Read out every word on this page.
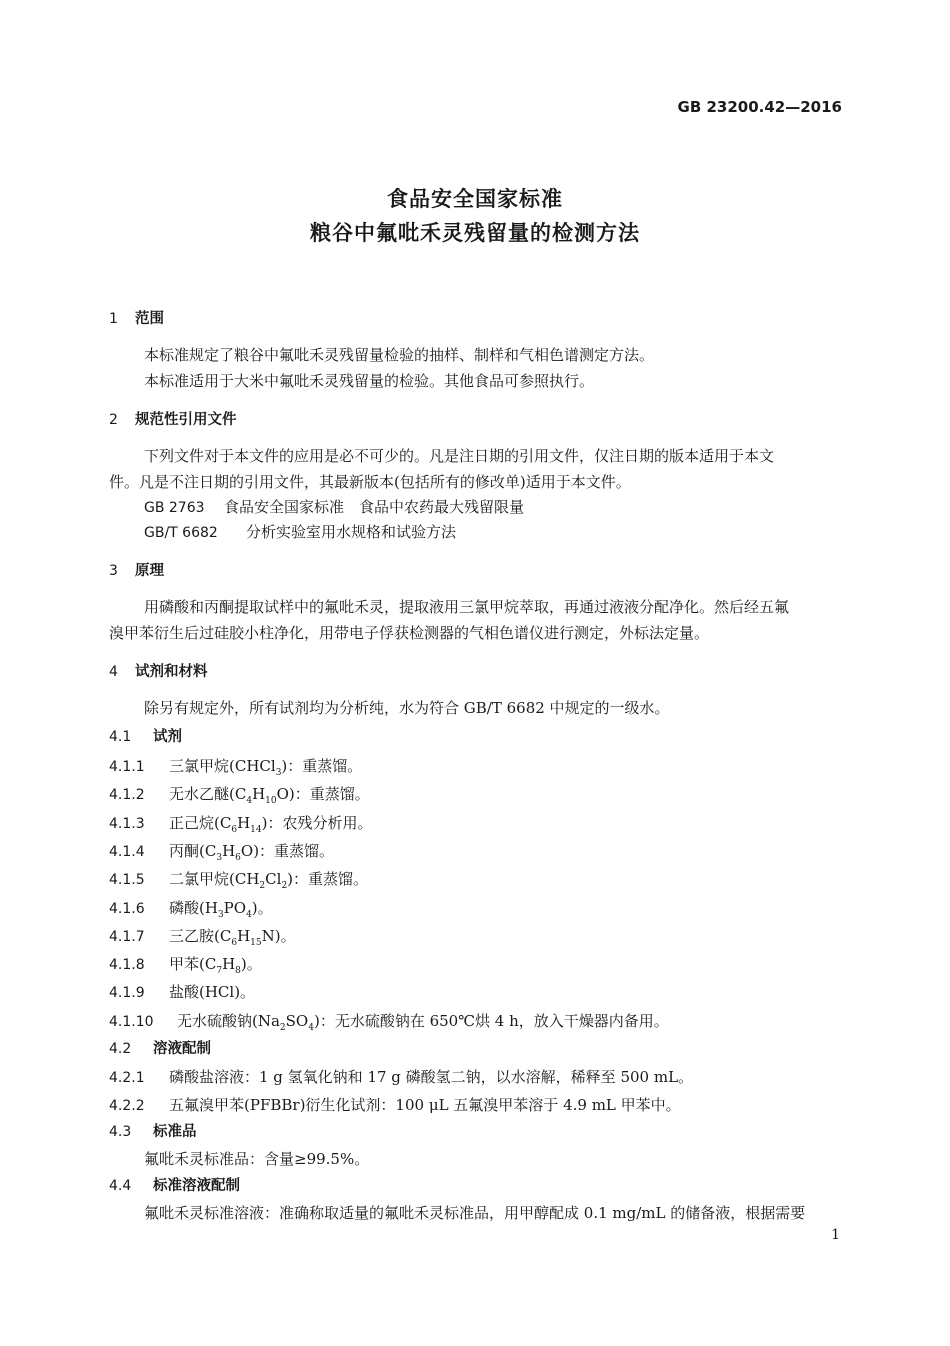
GB 23200.42—2016
食品安全国家标准
粮谷中氟吡禾灵残留量的检测方法
1 范围
本标准规定了粮谷中氟吡禾灵残留量检验的抽样、制样和气相色谱测定方法。
本标准适用于大米中氟吡禾灵残留量的检验。其他食品可参照执行。
2 规范性引用文件
下列文件对于本文件的应用是必不可少的。凡是注日期的引用文件，仅注日期的版本适用于本文
件。凡是不注日期的引用文件，其最新版本(包括所有的修改单)适用于本文件。
GB 2763 食品安全国家标准　食品中农药最大残留限量
GB/T 6682 分析实验室用水规格和试验方法
3 原理
用磷酸和丙酮提取试样中的氟吡禾灵，提取液用三氯甲烷萃取，再通过液液分配净化。然后经五氟
溴甲苯衍生后过硅胶小柱净化，用带电子俘获检测器的气相色谱仪进行测定，外标法定量。
4 试剂和材料
除另有规定外，所有试剂均为分析纯，水为符合 GB/T 6682 中规定的一级水。
4.1 试剂
4.1.1 三氯甲烷(CHCl$_3$)：重蒸馏。
4.1.2 无水乙醚$(C_4H_{10}O)$：重蒸馏。
4.1.3 正己烷$(C_6H_{14})$：农残分析用。
4.1.4 丙酮$(C_3H_6O)$：重蒸馏。
4.1.5 二氯甲烷$(CH_2Cl_2)$：重蒸馏。
4.1.6 磷酸$(H_3PO_4)$。
4.1.7 三乙胺$(C_6H_{15}N)$。
4.1.8 甲苯$(C_7H_8)$。
4.1.9 盐酸(HCl)。
4.1.10 无水硫酸钠$(Na_2SO_4)$：无水硫酸钠在 650℃烘 4 h，放入干燥器内备用。
4.2 溶液配制
4.2.1 磷酸盐溶液：1 g 氢氧化钠和 17 g 磷酸氢二钠，以水溶解，稀释至 500 mL。
4.2.2 五氟溴甲苯(PFBBr)衍生化试剂：100 μL 五氟溴甲苯溶于 4.9 mL 甲苯中。
4.3 标准品
氟吡禾灵标准品：含量≥99.5%。
4.4 标准溶液配制
氟吡禾灵标准溶液：准确称取适量的氟吡禾灵标准品，用甲醇配成 0.1 mg/mL 的储备液，根据需要
1
